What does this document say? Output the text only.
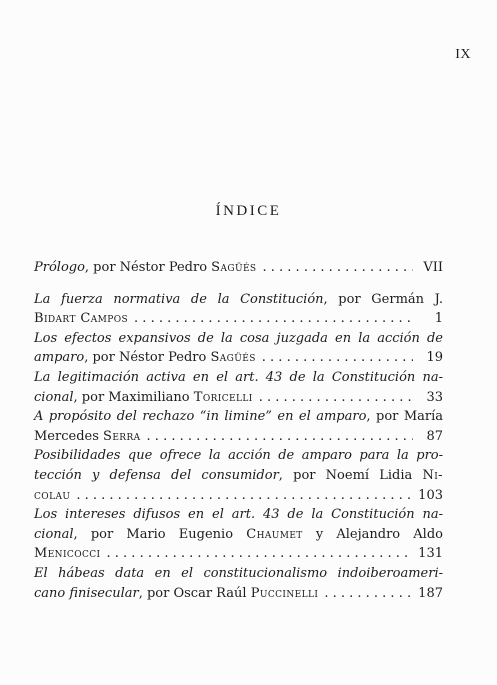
IX
ÍNDICE
Prólogo, por Néstor Pedro Sagüés . . .	VII
La fuerza normativa de la Constitución, por Germán J.
Bidart Campos . . .	1
Los efectos expansivos de la cosa juzgada en la acción de
amparo, por Néstor Pedro Sagüés . . .	19
La legitimación activa en el art. 43 de la Constitución na-
cional, por Maximiliano Toricelli . . .	33
A propósito del rechazo “in limine” en el amparo, por María
Mercedes Serra . . .	87
Posibilidades que ofrece la acción de amparo para la pro-
tección y defensa del consumidor, por Noemí Lidia Ni-
colau . . .	103
Los intereses difusos en el art. 43 de la Constitución na-
cional, por Mario Eugenio Chaumet y Alejandro Aldo
Menicocci . . .	131
El hábeas data en el constitucionalismo indoiberoameri-
cano finisecular, por Oscar Raúl Puccinelli . . .	187
